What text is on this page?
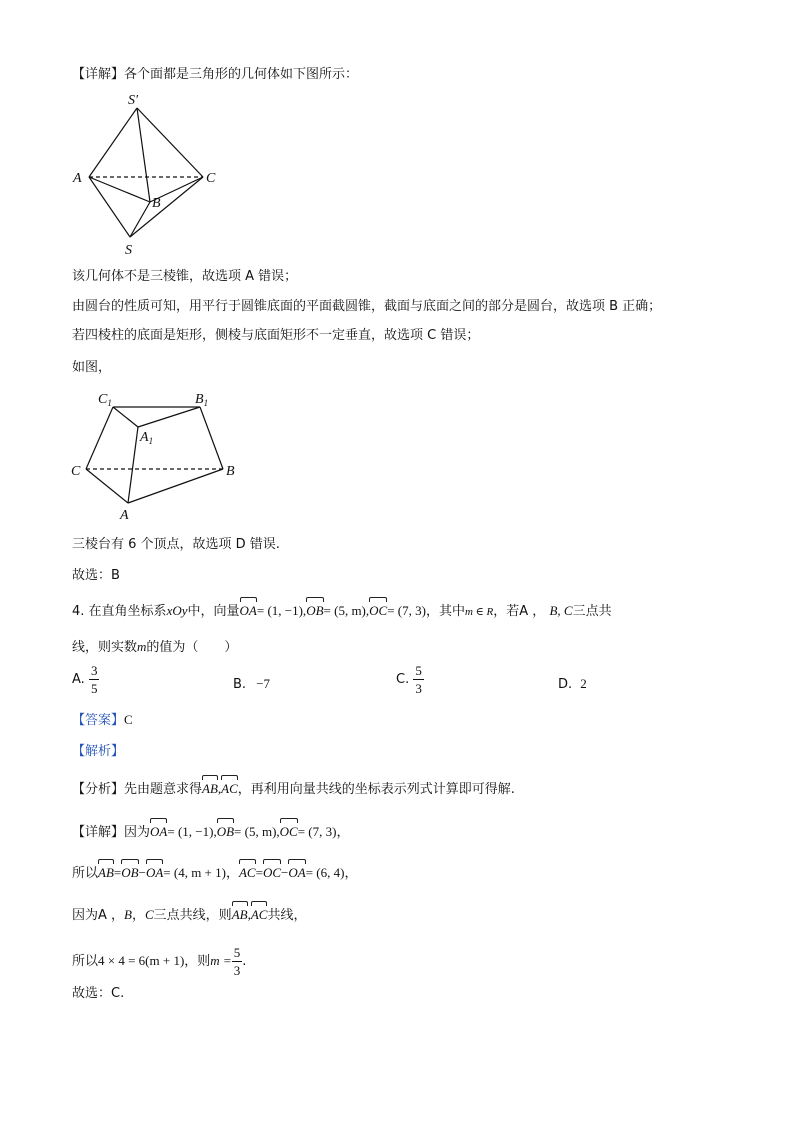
【详解】各个面都是三角形的几何体如下图所示：
S′
A	C
B
S
该几何体不是三棱锥，故选项 A 错误；
由圆台的性质可知，用平行于圆锥底面的平面截圆锥，截面与底面之间的部分是圆台，故选项 B 正确；
若四棱柱的底面是矩形，侧棱与底面矩形不一定垂直，故选项 C 错误；
如图，
$C_1$	$B_1$
$A_1$
C	B
A
三棱台有 6 个顶点，故选项 D 错误.
故选：B
4. 在直角坐标系xOy中，向量OA= (1, −1),OB= (5, m),OC= (7, 3)，其中m ∈ R，若A ， B, C三点共
线，则实数m的值为（　　）
A. $\frac{3}{5}$	B. −7	C. $\frac{5}{3}$	D. 2
【答案】C
【解析】
【分析】先由题意求得AB,AC，再利用向量共线的坐标表示列式计算即可得解.
【详解】因为OA= (1, −1),OB= (5, m),OC= (7, 3)，
所以AB=OB−OA= (4, m + 1)，AC=OC−OA= (6, 4)，
因为A ，B，C三点共线，则AB,AC共线，
所以4 × 4 = 6(m + 1)，则$m = \frac{5}{3}$ .
故选：C.
